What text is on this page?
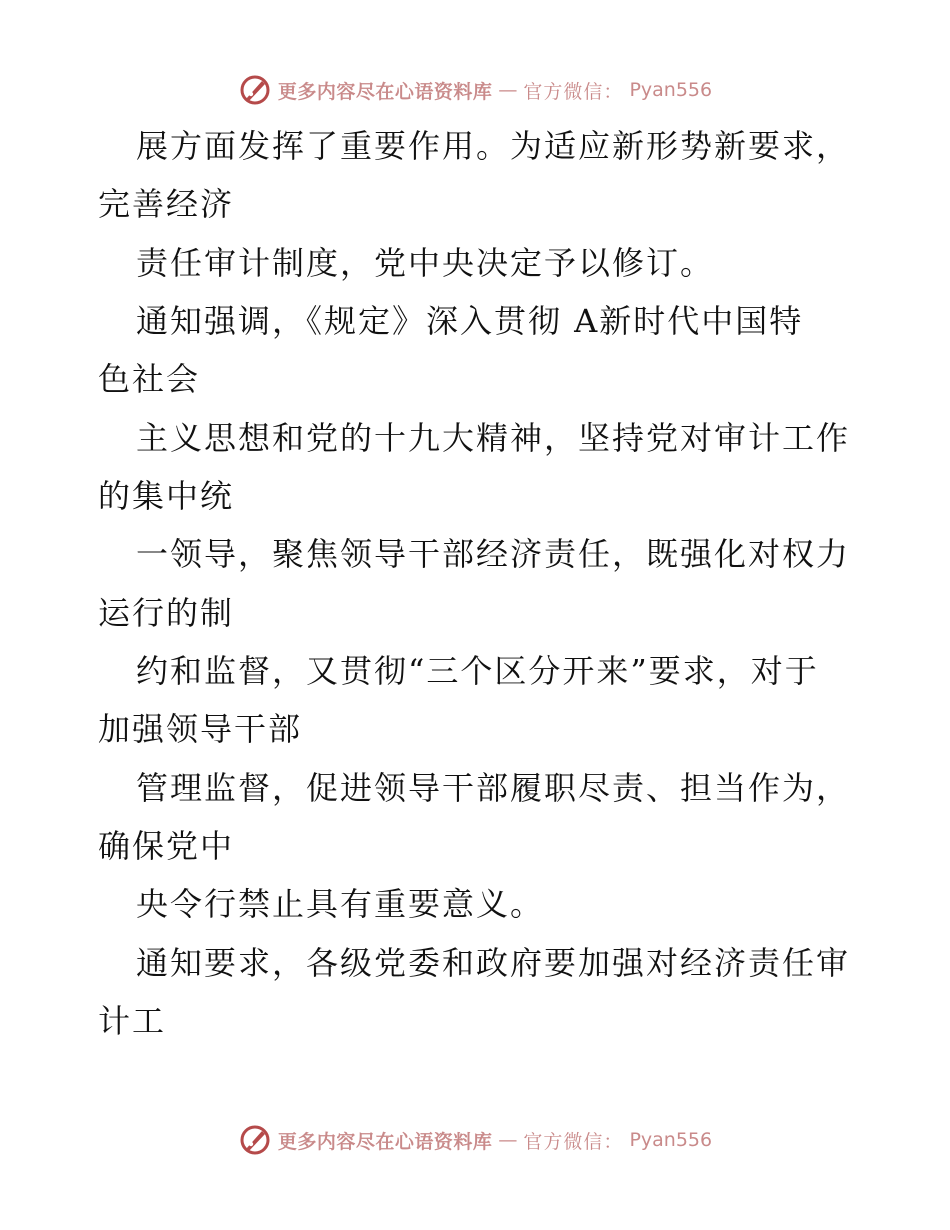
更多内容尽在心语资料库 — 官方微信： Pyan556
展方面发挥了重要作用。为适应新形势新要求，
完善经济
责任审计制度，党中央决定予以修订。
通知强调，《规定》深入贯彻 A新时代中国特
色社会
主义思想和党的十九大精神，坚持党对审计工作
的集中统
一领导，聚焦领导干部经济责任，既强化对权力
运行的制
约和监督，又贯彻“三个区分开来”要求，对于
加强领导干部
管理监督，促进领导干部履职尽责、担当作为，
确保党中
央令行禁止具有重要意义。
通知要求，各级党委和政府要加强对经济责任审
计工
更多内容尽在心语资料库 — 官方微信： Pyan556
